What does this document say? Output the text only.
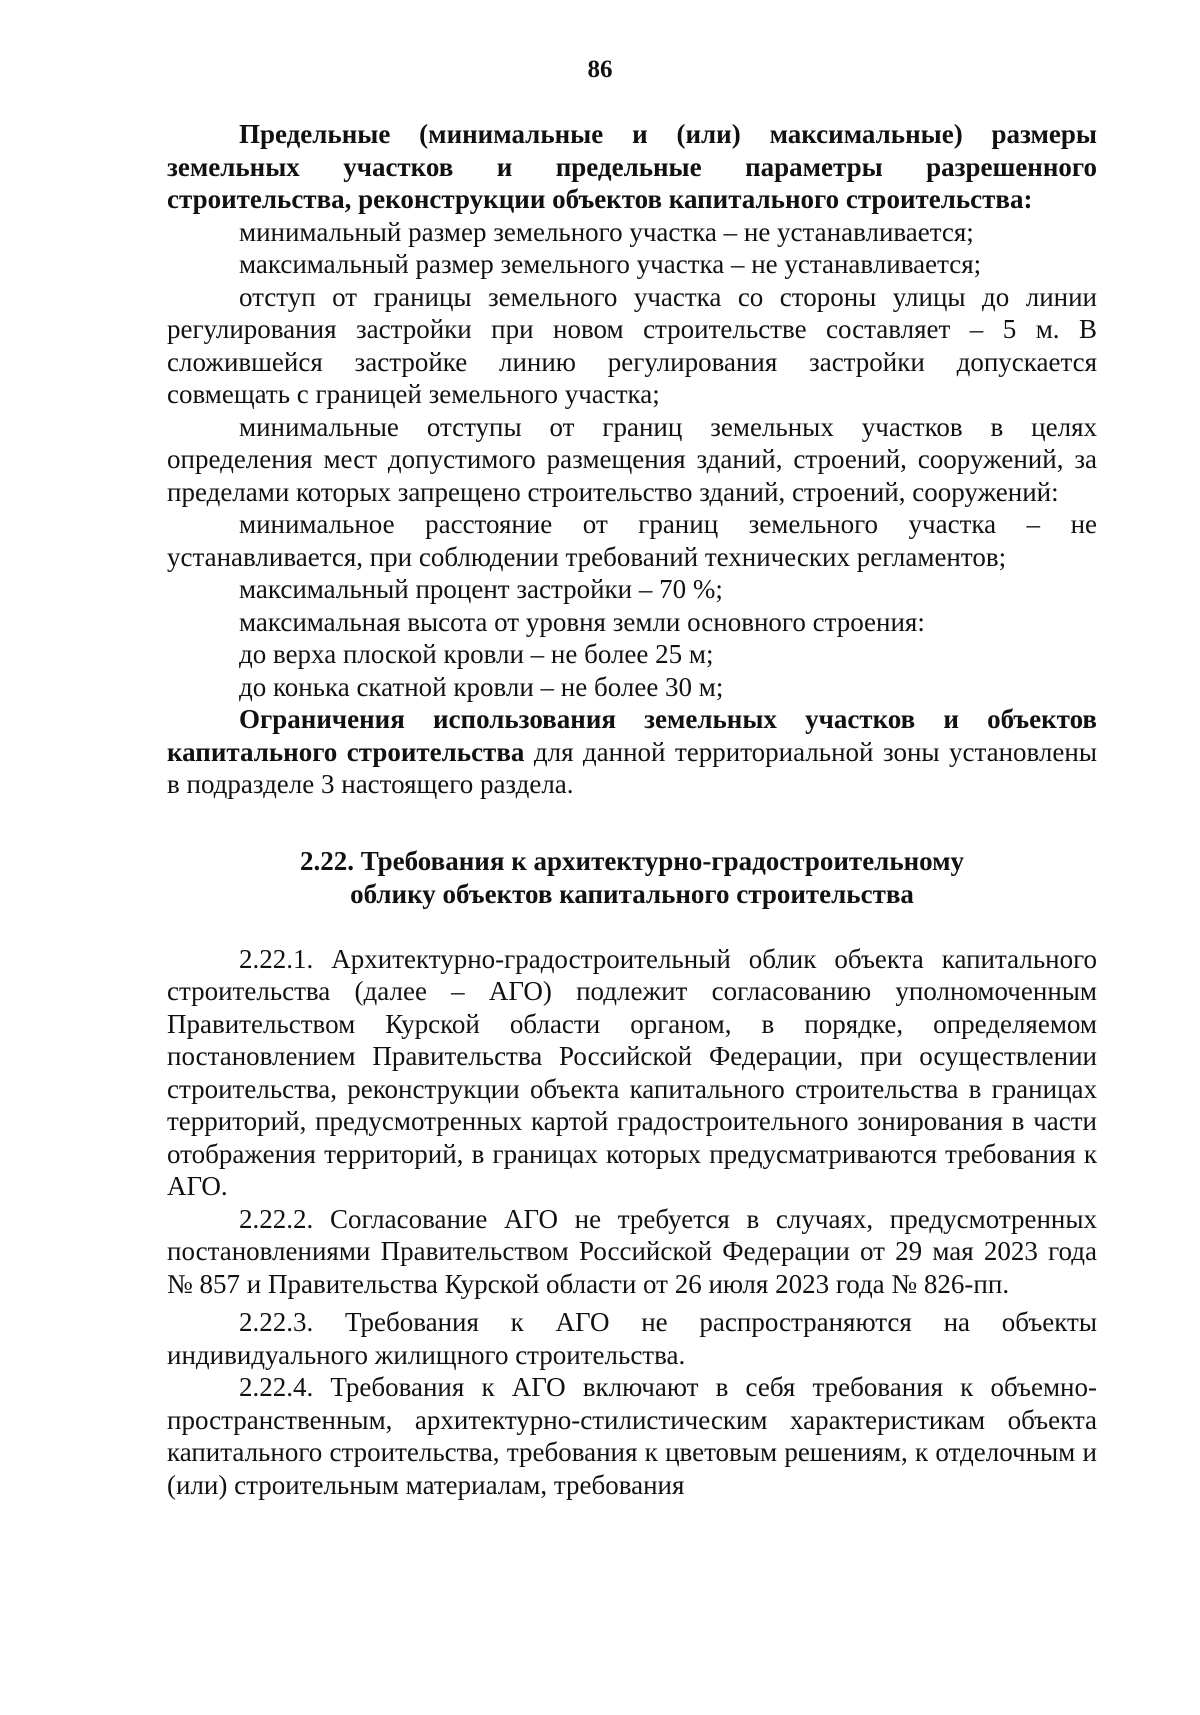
86

Предельные (минимальные и (или) максимальные) размеры земельных участков и предельные параметры разрешенного строительства, реконструкции объектов капитального строительства:

минимальный размер земельного участка – не устанавливается;

максимальный размер земельного участка – не устанавливается;

отступ от границы земельного участка со стороны улицы до линии регулирования застройки при новом строительстве составляет – 5 м. В сложившейся застройке линию регулирования застройки допускается совмещать с границей земельного участка;

минимальные отступы от границ земельных участков в целях определения мест допустимого размещения зданий, строений, сооружений, за пределами которых запрещено строительство зданий, строений, сооружений:

минимальное расстояние от границ земельного участка – не устанавливается, при соблюдении требований технических регламентов;

максимальный процент застройки – 70 %;

максимальная высота от уровня земли основного строения:

до верха плоской кровли – не более 25 м;

до конька скатной кровли – не более 30 м;

Ограничения использования земельных участков и объектов капитального строительства для данной территориальной зоны установлены в подразделе 3 настоящего раздела.

2.22. Требования к архитектурно-градостроительному
облику объектов капитального строительства

2.22.1. Архитектурно-градостроительный облик объекта капитального строительства (далее – АГО) подлежит согласованию уполномоченным Правительством Курской области органом, в порядке, определяемом постановлением Правительства Российской Федерации, при осуществлении строительства, реконструкции объекта капитального строительства в границах территорий, предусмотренных картой градостроительного зонирования в части отображения территорий, в границах которых предусматриваются требования к АГО.

2.22.2. Согласование АГО не требуется в случаях, предусмотренных постановлениями Правительством Российской Федерации от 29 мая 2023 года № 857 и Правительства Курской области от 26 июля 2023 года № 826-пп.

2.22.3. Требования к АГО не распространяются на объекты индивидуального жилищного строительства.

2.22.4. Требования к АГО включают в себя требования к объемно-пространственным, архитектурно-стилистическим характеристикам объекта капитального строительства, требования к цветовым решениям, к отделочным и (или) строительным материалам, требования
